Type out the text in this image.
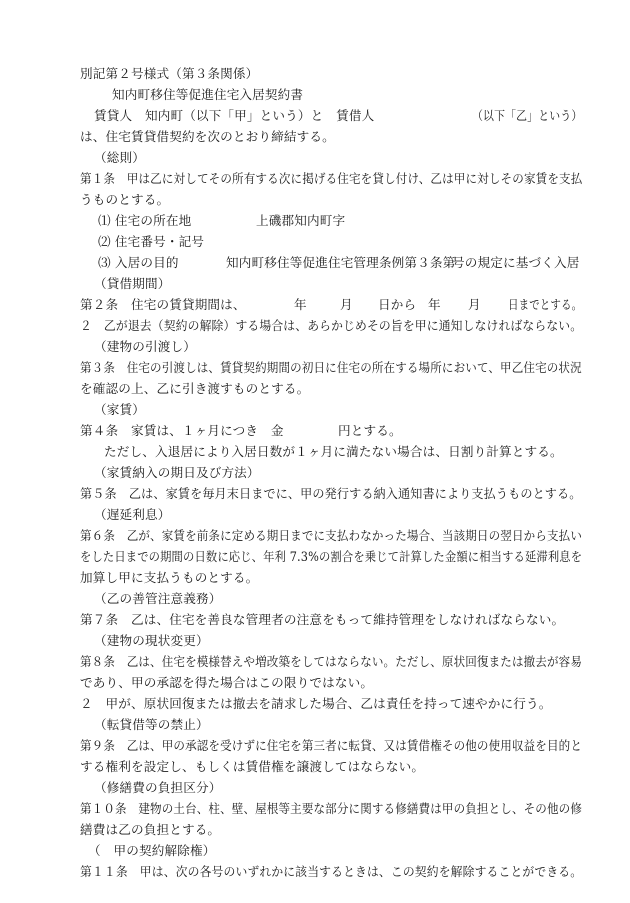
別記第２号様式（第３条関係）
知内町移住等促進住宅入居契約書
賃貸人　知内町（以下「甲」という）と　賃借人	（以下「乙」という）
は、住宅賃貸借契約を次のとおり締結する。
（総則）
第１条　甲は乙に対してその所有する次に掲げる住宅を貸し付け、乙は甲に対しその家賃を支払
うものとする。
⑴ 住宅の所在地	上磯郡知内町字
⑵ 住宅番号・記号
⑶ 入居の目的	知内町移住等促進住宅管理条例第３条第
号の規定に基づく入居
（貸借期間）
第２条　住宅の賃貸期間は、	年	月 日から 年 月 日までとする。
２　乙が退去（契約の解除）する場合は、あらかじめその旨を甲に通知しなければならない。
（建物の引渡し）
第３条　住宅の引渡しは、賃貸契約期間の初日に住宅の所在する場所において、甲乙住宅の状況
を確認の上、乙に引き渡すものとする。
（家賃）
第４条　家賃は、１ヶ月につき　金	円とする。
ただし、入退居により入居日数が１ヶ月に満たない場合は、日割り計算とする。
（家賃納入の期日及び方法）
第５条　乙は、家賃を毎月末日までに、甲の発行する納入通知書により支払うものとする。
（遅延利息）
第６条　乙が、家賃を前条に定める期日までに支払わなかった場合、当該期日の翌日から支払い
をした日までの期間の日数に応じ、年利 7.3%の割合を乗じて計算した金額に相当する延滞利息を
加算し甲に支払うものとする。
（乙の善管注意義務）
第７条　乙は、住宅を善良な管理者の注意をもって維持管理をしなければならない。
（建物の現状変更）
第８条　乙は、住宅を模様替えや増改築をしてはならない。ただし、原状回復または撤去が容易
であり、甲の承認を得た場合はこの限りではない。
２　甲が、原状回復または撤去を請求した場合、乙は責任を持って速やかに行う。
（転貸借等の禁止）
第９条　乙は、甲の承認を受けずに住宅を第三者に転貸、又は賃借権その他の使用収益を目的と
する権利を設定し、もしくは賃借権を譲渡してはならない。
（修繕費の負担区分）
第１０条　建物の土台、柱、壁、屋根等主要な部分に関する修繕費は甲の負担とし、その他の修
繕費は乙の負担とする。
（　甲の契約解除権）
第１１条　甲は、次の各号のいずれかに該当するときは、この契約を解除することができる。
